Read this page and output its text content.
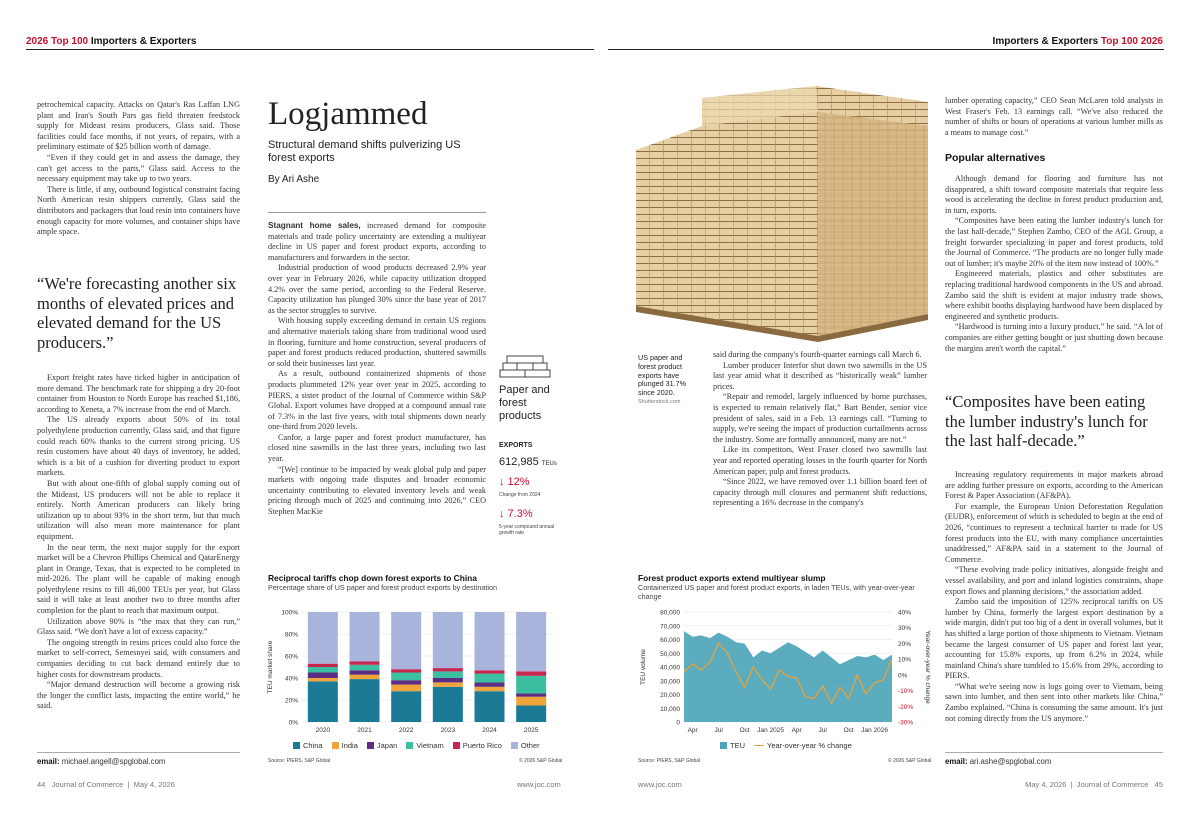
2026 Top 100 Importers & Exporters	Importers & Exporters Top 100 2026

petrochemical capacity. Attacks on Qatar's Ras Laffan LNG plant and Iran's South Pars gas field threaten feedstock supply for Mideast resins producers, Glass said. Those facilities could face months, if not years, of repairs, with a preliminary estimate of $25 billion worth of damage.

“Even if they could get in and assess the damage, they can't get access to the parts,” Glass said. Access to the necessary equipment may take up to two years.

There is little, if any, outbound logistical constraint facing North American resin shippers currently, Glass said the distributors and packagers that load resin into containers have enough capacity for more volumes, and container ships have ample space.

“We're forecasting another six months of elevated prices and elevated demand for the US producers.”

Export freight rates have ticked higher in anticipation of more demand. The benchmark rate for shipping a dry 20-foot container from Houston to North Europe has reached $1,186, according to Xeneta, a 7% increase from the end of March.

The US already exports about 50% of its total polyethylene production currently, Glass said, and that figure could reach 60% thanks to the current strong pricing. US resin customers have about 40 days of inventory, he added, which is a bit of a cushion for diverting product to export markets.

But with about one-fifth of global supply coming out of the Mideast, US producers will not be able to replace it entirely. North American producers can likely bring utilization up to about 93% in the short term, but that much utilization will also mean more maintenance for plant equipment.

In the near term, the next major supply for the export market will be a Chevron Phillips Chemical and QatarEnergy plant in Orange, Texas, that is expected to be completed in mid-2026. The plant will be capable of making enough polyethylene resins to fill 46,000 TEUs per year, but Glass said it will take at least another two to three months after completion for the plant to reach that maximum output.

Utilization above 90% is “the max that they can run,” Glass said. “We don't have a lot of excess capacity.”

The ongoing strength in resins prices could also force the market to self-correct, Semesnyei said, with consumers and companies deciding to cut back demand entirely due to higher costs for downstream products.

“Major demand destruction will become a growing risk the longer the conflict lasts, impacting the entire world,” he said.

email: michael.angell@spglobal.com
Logjammed
Structural demand shifts pulverizing US forest exports
By Ari Ashe

Stagnant home sales, increased demand for composite materials and trade policy uncertainty are extending a multiyear decline in US paper and forest product exports, according to manufacturers and forwarders in the sector.

Industrial production of wood products decreased 2.9% year over year in February 2026, while capacity utilization dropped 4.2% over the same period, according to the Federal Reserve. Capacity utilization has plunged 30% since the base year of 2017 as the sector struggles to survive.

With housing supply exceeding demand in certain US regions and alternative materials taking share from traditional wood used in flooring, furniture and home construction, several producers of paper and forest products reduced production, shuttered sawmills or sold their businesses last year.

As a result, outbound containerized shipments of those products plummeted 12% year over year in 2025, according to PIERS, a sister product of the Journal of Commerce within S&P Global. Export volumes have dropped at a compound annual rate of 7.3% in the last five years, with total shipments down nearly one-third from 2020 levels.

Canfor, a large paper and forest product manufacturer, has closed nine sawmills in the last three years, including two last year.

“[We] continue to be impacted by weak global pulp and paper markets with ongoing trade disputes and broader economic uncertainty contributing to elevated inventory levels and weak pricing through much of 2025 and continuing into 2026,” CEO Stephen MacKie

Paper and forest products
EXPORTS
612,985 TEUs
↓ 12%
Change from 2024
↓ 7.3%
5-year compound annual growth rate
US paper and forest product exports have plunged 31.7% since 2020.
Shutterstock.com

said during the company's fourth-quarter earnings call March 6.

Lumber producer Interfor shut down two sawmills in the US last year amid what it described as “historically weak” lumber prices.

“Repair and remodel, largely influenced by home purchases, is expected to remain relatively flat,” Bart Bender, senior vice president of sales, said in a Feb. 13 earnings call. “Turning to supply, we're seeing the impact of production curtailments across the industry. Some are formally announced, many are not.”

Like its competitors, West Fraser closed two sawmills last year and reported operating losses in the fourth quarter for North American paper, pulp and forest products.

“Since 2022, we have removed over 1.1 billion board feet of capacity through mill closures and permanent shift reductions, representing a 16% decrease in the company's

lumber operating capacity,” CEO Sean McLaren told analysts in West Fraser's Feb. 13 earnings call. “We've also reduced the number of shifts or hours of operations at various lumber mills as a means to manage cost.”

Popular alternatives

Although demand for flooring and furniture has not disappeared, a shift toward composite materials that require less wood is accelerating the decline in forest product production and, in turn, exports.

“Composites have been eating the lumber industry's lunch for the last half-decade,” Stephen Zambo, CEO of the AGL Group, a freight forwarder specializing in paper and forest products, told the Journal of Commerce. “The products are no longer fully made out of lumber; it's maybe 20% of the item now instead of 100%.”

Engineered materials, plastics and other substitutes are replacing traditional hardwood components in the US and abroad. Zambo said the shift is evident at major industry trade shows, where exhibit booths displaying hardwood have been displaced by engineered and synthetic products.

“Hardwood is turning into a luxury product,” he said. “A lot of companies are either getting bought or just shutting down because the margins aren't worth the capital.”

“Composites have been eating the lumber industry's lunch for the last half-decade.”

Increasing regulatory requirements in major markets abroad are adding further pressure on exports, according to the American Forest & Paper Association (AF&PA).

For example, the European Union Deforestation Regulation (EUDR), enforcement of which is scheduled to begin at the end of 2026, “continues to represent a technical barrier to trade for US forest products into the EU, with many compliance uncertainties unaddressed,” AF&PA said in a statement to the Journal of Commerce.

“These evolving trade policy initiatives, alongside freight and vessel availability, and port and inland logistics constraints, shape export flows and planning decisions,” the association added.

Zambo said the imposition of 125% reciprocal tariffs on US lumber by China, formerly the largest export destination by a wide margin, didn't put too big of a dent in overall volumes, but it has shifted a large portion of those shipments to Vietnam. Vietnam became the largest consumer of US paper and forest last year, accounting for 15.8% exports, up from 6.2% in 2024, while mainland China's share tumbled to 15.6% from 29%, according to PIERS.

“What we're seeing now is logs going over to Vietnam, being sawn into lumber, and then sent into other markets like China,” Zambo explained. “China is consuming the same amount. It's just not coming directly from the US anymore.”

email: ari.ashe@spglobal.com
Reciprocal tariffs chop down forest exports to China
Percentage share of US paper and forest product exports by destination
0%
20%
40%
60%
80%
100%
2020	2021	2022	2023	2024	2025
TEU market share
China	India	Japan	Vietnam	Puerto Rico	Other
Source: PIERS, S&P Global	© 2026 S&P Global
Forest product exports extend multiyear slump
Containerized US paper and forest product exports, in laden TEUs, with year-over-year change
0
10,000
20,000
30,000
40,000
50,000
60,000
70,000
80,000
-30%
-20%
-10%
0%
10%
20%
30%
40%
Apr	Jul	Oct Jan 2025 Apr	Jul	Oct Jan 2026
TEU volume	Year-over-year % change
TEU	Year-over-year % change
Source: PIERS, S&P Global	© 2026 S&P Global
44 Journal of Commerce  |  May 4, 2026	www.joc.com	www.joc.com	May 4, 2026  |  Journal of Commerce 45
